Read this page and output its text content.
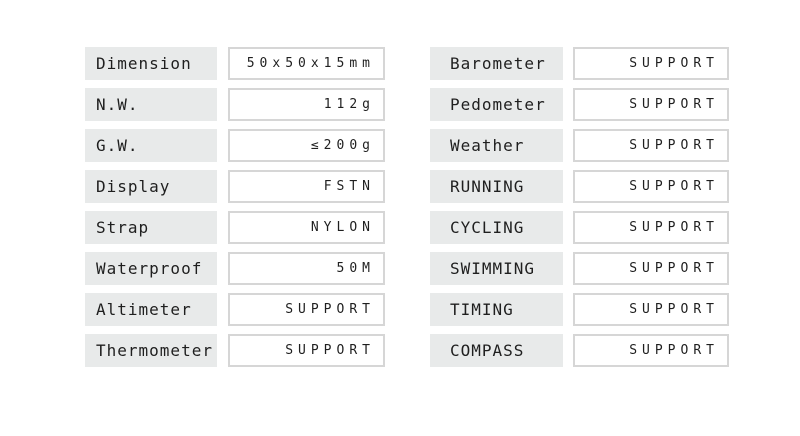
Dimension	50x50x15mm
N.W.	112g
G.W.	≤200g
Display	FSTN
Strap	NYLON
Waterproof	50M
Altimeter	SUPPORT
Thermometer	SUPPORT
Barometer	SUPPORT
Pedometer	SUPPORT
Weather	SUPPORT
RUNNING	SUPPORT
CYCLING	SUPPORT
SWIMMING	SUPPORT
TIMING	SUPPORT
COMPASS	SUPPORT
